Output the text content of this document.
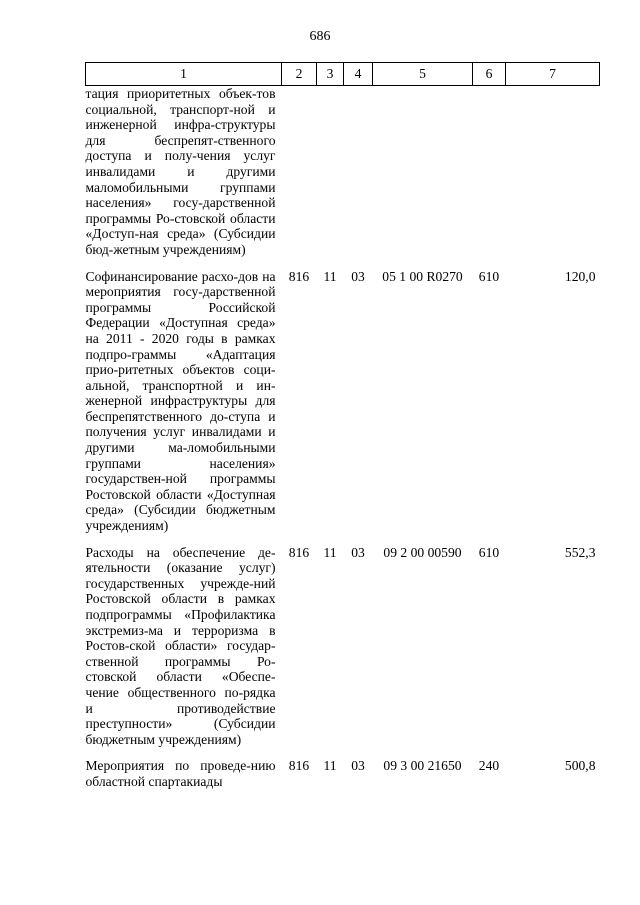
686
1	2	3	4	5	6	7
тация приоритетных объек-тов социальной, транспорт-ной и инженерной инфра-структуры для беспрепят-ственного доступа и полу-чения услуг инвалидами и другими маломобильными группами населения» госу-дарственной программы Ро-стовской области «Доступ-ная среда» (Субсидии бюд-жетным учреждениям)						
Софинансирование расхо-дов на мероприятия госу-дарственной программы Российской Федерации «Доступная среда» на 2011 - 2020 годы в рамках подпро-граммы «Адаптация прио-ритетных объектов соци-альной, транспортной и ин-женерной инфраструктуры для беспрепятственного до-ступа и получения услуг инвалидами и другими ма-ломобильными группами населения» государствен-ной программы Ростовской области «Доступная среда» (Субсидии бюджетным учреждениям)	816	11	03	05 1 00 R0270	610	120,0
Расходы на обеспечение де-ятельности (оказание услуг) государственных учрежде-ний Ростовской области в рамках подпрограммы «Профилактика экстремиз-ма и терроризма в Ростов-ской области» государ-ственной программы Ро-стовской области «Обеспе-чение общественного по-рядка и противодействие преступности» (Субсидии бюджетным учреждениям)	816	11	03	09 2 00 00590	610	552,3
Мероприятия по проведе-нию областной спартакиады	816	11	03	09 3 00 21650	240	500,8
